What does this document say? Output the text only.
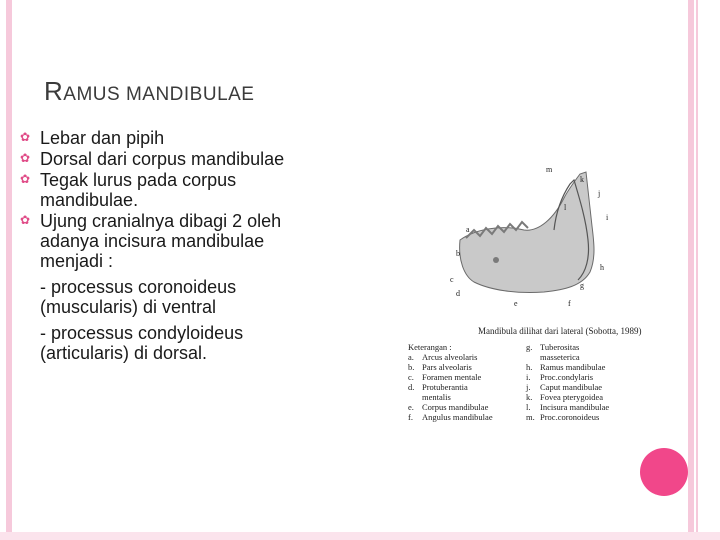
RAMUS MANDIBULAE
✿ Lebar dan pipih
✿ Dorsal dari corpus mandibulae
✿ Tegak lurus pada corpus mandibulae.
✿ Ujung cranialnya dibagi 2 oleh adanya incisura mandibulae menjadi :
- processus coronoideus (muscularis) di ventral
- processus condyloideus (articularis) di dorsal.
m
k
j
i
a
b
c
d
e	f
g
h
l
Mandibula dilihat dari lateral (Sobotta, 1989)
Keterangan :	g. Tuberositas
a. Arcus alveolaris	masseterica
b. Pars alveolaris	h. Ramus mandibulae
c. Foramen mentale	i. Proc.condylaris
d. Protuberantia	j. Caput mandibulae
mentalis	k. Fovea pterygoidea
e. Corpus mandibulae	l. Incisura mandibulae
f. Angulus mandibulae	m. Proc.coronoideus
